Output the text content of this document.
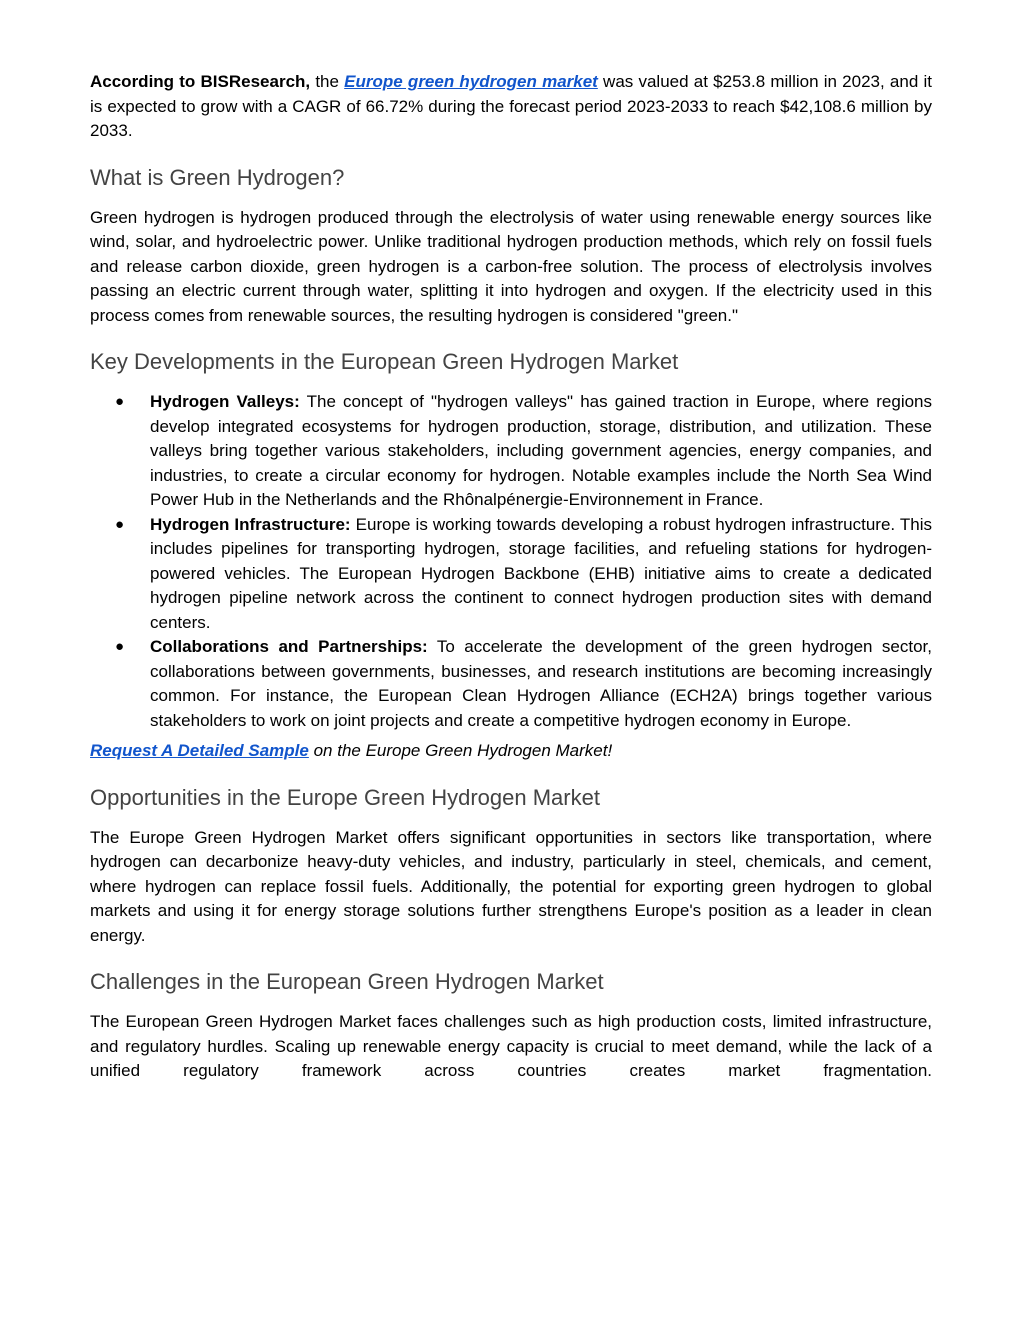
According to BISResearch, the Europe green hydrogen market was valued at $253.8 million in 2023, and it is expected to grow with a CAGR of 66.72% during the forecast period 2023-2033 to reach $42,108.6 million by 2033.

What is Green Hydrogen?

Green hydrogen is hydrogen produced through the electrolysis of water using renewable energy sources like wind, solar, and hydroelectric power. Unlike traditional hydrogen production methods, which rely on fossil fuels and release carbon dioxide, green hydrogen is a carbon-free solution. The process of electrolysis involves passing an electric current through water, splitting it into hydrogen and oxygen. If the electricity used in this process comes from renewable sources, the resulting hydrogen is considered "green."

Key Developments in the European Green Hydrogen Market
● Hydrogen Valleys: The concept of "hydrogen valleys" has gained traction in Europe, where regions develop integrated ecosystems for hydrogen production, storage, distribution, and utilization. These valleys bring together various stakeholders, including government agencies, energy companies, and industries, to create a circular economy for hydrogen. Notable examples include the North Sea Wind Power Hub in the Netherlands and the Rhônalpénergie-Environnement in France.
● Hydrogen Infrastructure: Europe is working towards developing a robust hydrogen infrastructure. This includes pipelines for transporting hydrogen, storage facilities, and refueling stations for hydrogen-powered vehicles. The European Hydrogen Backbone (EHB) initiative aims to create a dedicated hydrogen pipeline network across the continent to connect hydrogen production sites with demand centers.
● Collaborations and Partnerships: To accelerate the development of the green hydrogen sector, collaborations between governments, businesses, and research institutions are becoming increasingly common. For instance, the European Clean Hydrogen Alliance (ECH2A) brings together various stakeholders to work on joint projects and create a competitive hydrogen economy in Europe.

Request A Detailed Sample on the Europe Green Hydrogen Market!

Opportunities in the Europe Green Hydrogen Market

The Europe Green Hydrogen Market offers significant opportunities in sectors like transportation, where hydrogen can decarbonize heavy-duty vehicles, and industry, particularly in steel, chemicals, and cement, where hydrogen can replace fossil fuels. Additionally, the potential for exporting green hydrogen to global markets and using it for energy storage solutions further strengthens Europe's position as a leader in clean energy.

Challenges in the European Green Hydrogen Market

The European Green Hydrogen Market faces challenges such as high production costs, limited infrastructure, and regulatory hurdles. Scaling up renewable energy capacity is crucial to meet demand, while the lack of a unified regulatory framework across countries creates market fragmentation.
